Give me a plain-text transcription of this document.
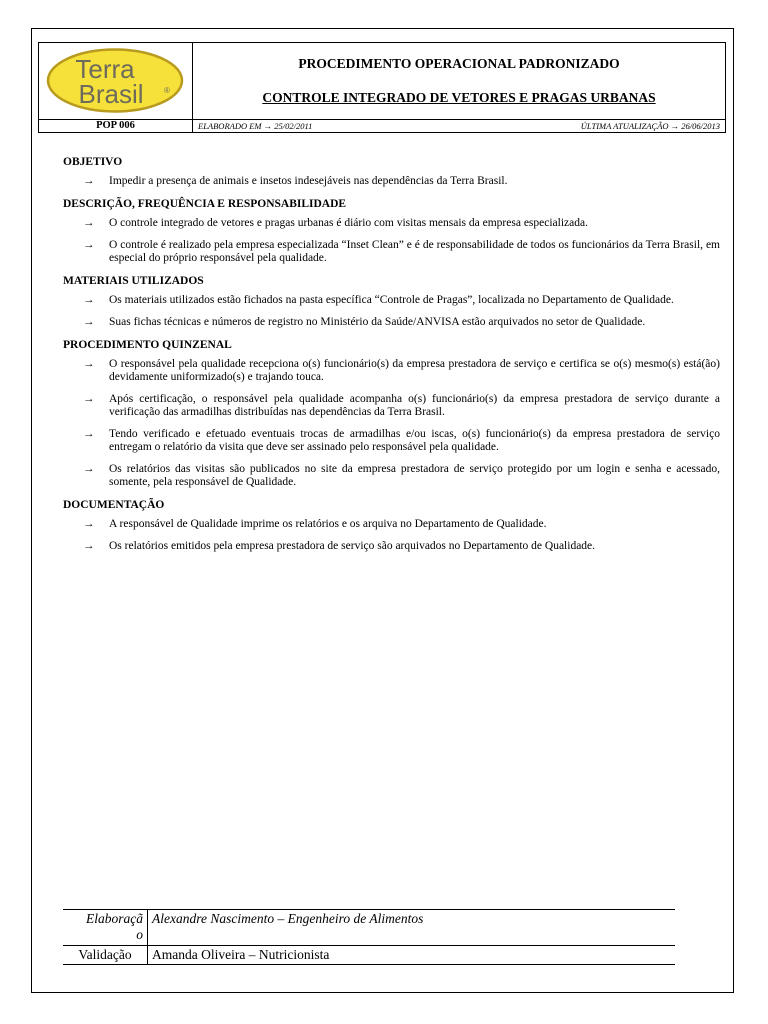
Terra
Brasil	®
PROCEDIMENTO OPERACIONAL PADRONIZADO
CONTROLE INTEGRADO DE VETORES E PRAGAS URBANAS
POP 006	ELABORADO EM → 25/02/2011	ÚLTIMA ATUALIZAÇÃO → 26/06/2013
OBJETIVO
→ Impedir a presença de animais e insetos indesejáveis nas dependências da Terra Brasil.
DESCRIÇÃO, FREQUÊNCIA E RESPONSABILIDADE
→ O controle integrado de vetores e pragas urbanas é diário com visitas mensais da empresa especializada.
→ O controle é realizado pela empresa especializada “Inset Clean” e é de responsabilidade de todos os funcionários da Terra Brasil, em especial do próprio responsável pela qualidade.
MATERIAIS UTILIZADOS
→ Os materiais utilizados estão fichados na pasta específica “Controle de Pragas”, localizada no Departamento de Qualidade.
→ Suas fichas técnicas e números de registro no Ministério da Saúde/ANVISA estão arquivados no setor de Qualidade.
PROCEDIMENTO QUINZENAL
→ O responsável pela qualidade recepciona o(s) funcionário(s) da empresa prestadora de serviço e certifica se o(s) mesmo(s) está(ão) devidamente uniformizado(s) e trajando touca.
→ Após certificação, o responsável pela qualidade acompanha o(s) funcionário(s) da empresa prestadora de serviço durante a verificação das armadilhas distribuídas nas dependências da Terra Brasil.
→ Tendo verificado e efetuado eventuais trocas de armadilhas e/ou iscas, o(s) funcionário(s) da empresa prestadora de serviço entregam o relatório da visita que deve ser assinado pelo responsável pela qualidade.
→ Os relatórios das visitas são publicados no site da empresa prestadora de serviço protegido por um login e senha e acessado, somente, pela responsável de Qualidade.
DOCUMENTAÇÃO
→ A responsável de Qualidade imprime os relatórios e os arquiva no Departamento de Qualidade.
→ Os relatórios emitidos pela empresa prestadora de serviço são arquivados no Departamento de Qualidade.
Elaboraçã
o	Alexandre Nascimento – Engenheiro de Alimentos
Validação	Amanda Oliveira – Nutricionista
